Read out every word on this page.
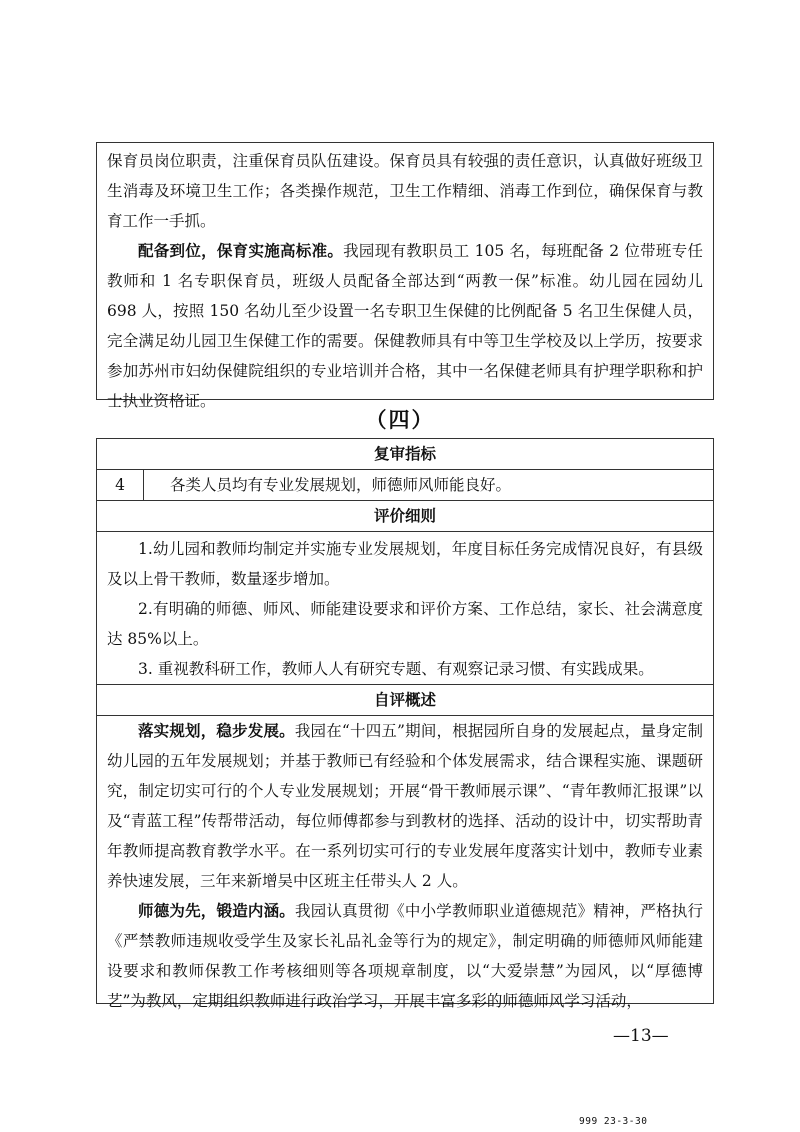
保育员岗位职责，注重保育员队伍建设。保育员具有较强的责任意识，认真做好班级卫生消毒及环境卫生工作；各类操作规范，卫生工作精细、消毒工作到位，确保保育与教育工作一手抓。

配备到位，保育实施高标准。我园现有教职员工 105 名，每班配备 2 位带班专任教师和 1 名专职保育员，班级人员配备全部达到“两教一保”标准。幼儿园在园幼儿 698 人，按照 150 名幼儿至少设置一名专职卫生保健的比例配备 5 名卫生保健人员，完全满足幼儿园卫生保健工作的需要。保健教师具有中等卫生学校及以上学历，按要求参加苏州市妇幼保健院组织的专业培训并合格，其中一名保健老师具有护理学职称和护士执业资格证。

（四）
复审指标
4	各类人员均有专业发展规划，师德师风师能良好。
评价细则

1.幼儿园和教师均制定并实施专业发展规划，年度目标任务完成情况良好，有县级及以上骨干教师，数量逐步增加。

2.有明确的师德、师风、师能建设要求和评价方案、工作总结，家长、社会满意度达 85%以上。

3. 重视教科研工作，教师人人有研究专题、有观察记录习惯、有实践成果。

自评概述

落实规划，稳步发展。我园在“十四五”期间，根据园所自身的发展起点，量身定制幼儿园的五年发展规划；并基于教师已有经验和个体发展需求，结合课程实施、课题研究，制定切实可行的个人专业发展规划；开展“骨干教师展示课”、“青年教师汇报课”以及“青蓝工程”传帮带活动，每位师傅都参与到教材的选择、活动的设计中，切实帮助青年教师提高教育教学水平。在一系列切实可行的专业发展年度落实计划中，教师专业素养快速发展，三年来新增吴中区班主任带头人 2 人。

师德为先，锻造内涵。我园认真贯彻《中小学教师职业道德规范》精神，严格执行《严禁教师违规收受学生及家长礼品礼金等行为的规定》，制定明确的师德师风师能建设要求和教师保教工作考核细则等各项规章制度，以“大爱崇慧”为园风，以“厚德博艺”为教风，定期组织教师进行政治学习，开展丰富多彩的师德师风学习活动，

—13—
999 23-3-30
